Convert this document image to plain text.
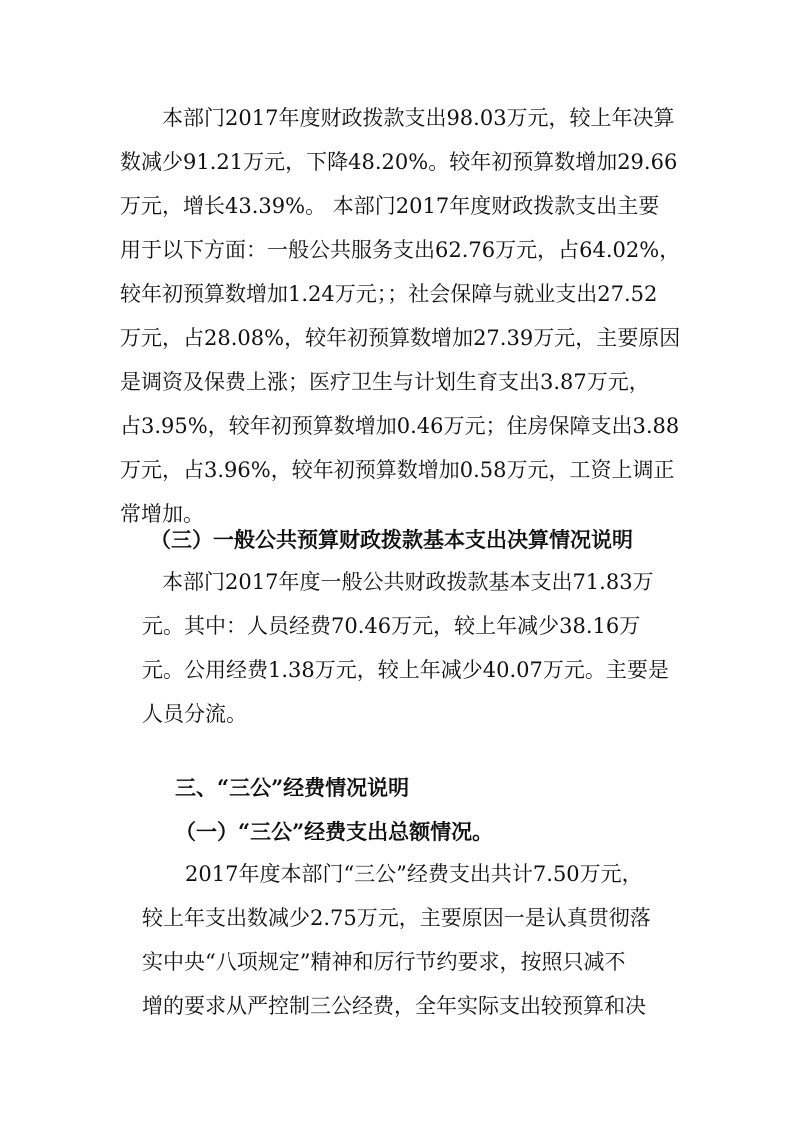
本部门2017年度财政拨款支出98.03万元，较上年决算
数减少91.21万元，下降48.20%。较年初预算数增加29.66
万元，增长43.39%。 本部门2017年度财政拨款支出主要
用于以下方面：一般公共服务支出62.76万元，占64.02%，
较年初预算数增加1.24万元；；社会保障与就业支出27.52
万元，占28.08%，较年初预算数增加27.39万元，主要原因
是调资及保费上涨；医疗卫生与计划生育支出3.87万元，
占3.95%，较年初预算数增加0.46万元；住房保障支出3.88
万元，占3.96%，较年初预算数增加0.58万元，工资上调正
常增加。
（三）一般公共预算财政拨款基本支出决算情况说明
本部门2017年度一般公共财政拨款基本支出71.83万
元。其中：人员经费70.46万元，较上年减少38.16万
元。公用经费1.38万元，较上年减少40.07万元。主要是
人员分流。
三、“三公”经费情况说明
（一）“三公”经费支出总额情况。
2017年度本部门“三公”经费支出共计7.50万元，
较上年支出数减少2.75万元，主要原因一是认真贯彻落
实中央“八项规定”精神和厉行节约要求，按照只减不
增的要求从严控制三公经费，全年实际支出较预算和决
